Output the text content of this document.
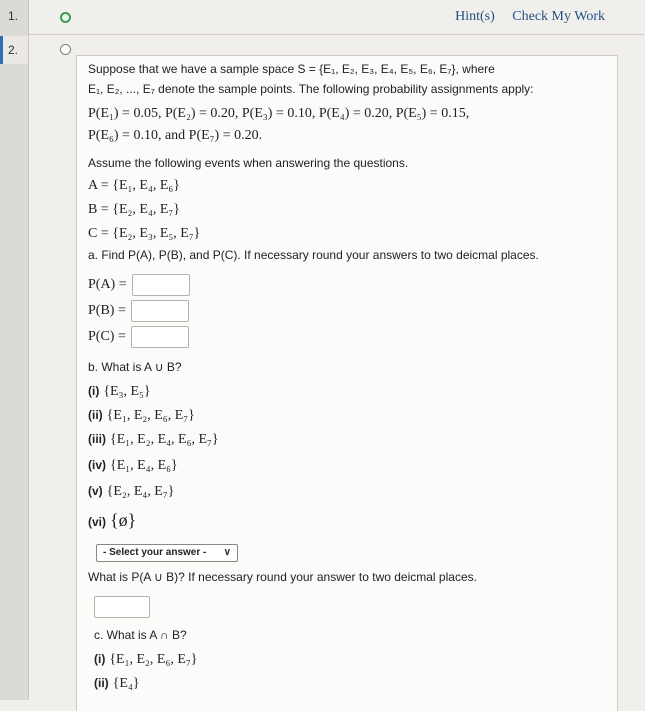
1.
2.
Hint(s) Check My Work
Suppose that we have a sample space S = {E₁, E₂, E₃, E₄, E₅, E₆, E₇}, where
E₁, E₂, ..., E₇ denote the sample points. The following probability assignments apply:
P(E₁) = 0.05, P(E₂) = 0.20, P(E₃) = 0.10, P(E₄) = 0.20, P(E₅) = 0.15,
P(E₆) = 0.10, and P(E₇) = 0.20.
Assume the following events when answering the questions.
A = {E₁, E₄, E₆}
B = {E₂, E₄, E₇}
C = {E₂, E₃, E₅, E₇}
a. Find P(A), P(B), and P(C). If necessary round your answers to two deicmal places.
P(A) =
P(B) =
P(C) =
b. What is A ∪ B?
(i) {E₃, E₅}
(ii) {E₁, E₂, E₆, E₇}
(iii) {E₁, E₂, E₄, E₆, E₇}
(iv) {E₁, E₄, E₆}
(v) {E₂, E₄, E₇}
(vi) {ø}
What is P(A ∪ B)? If necessary round your answer to two deicmal places.
c. What is A ∩ B?
(i) {E₁, E₂, E₆, E₇}
(ii) {E₄}
- Select your answer - ∨
